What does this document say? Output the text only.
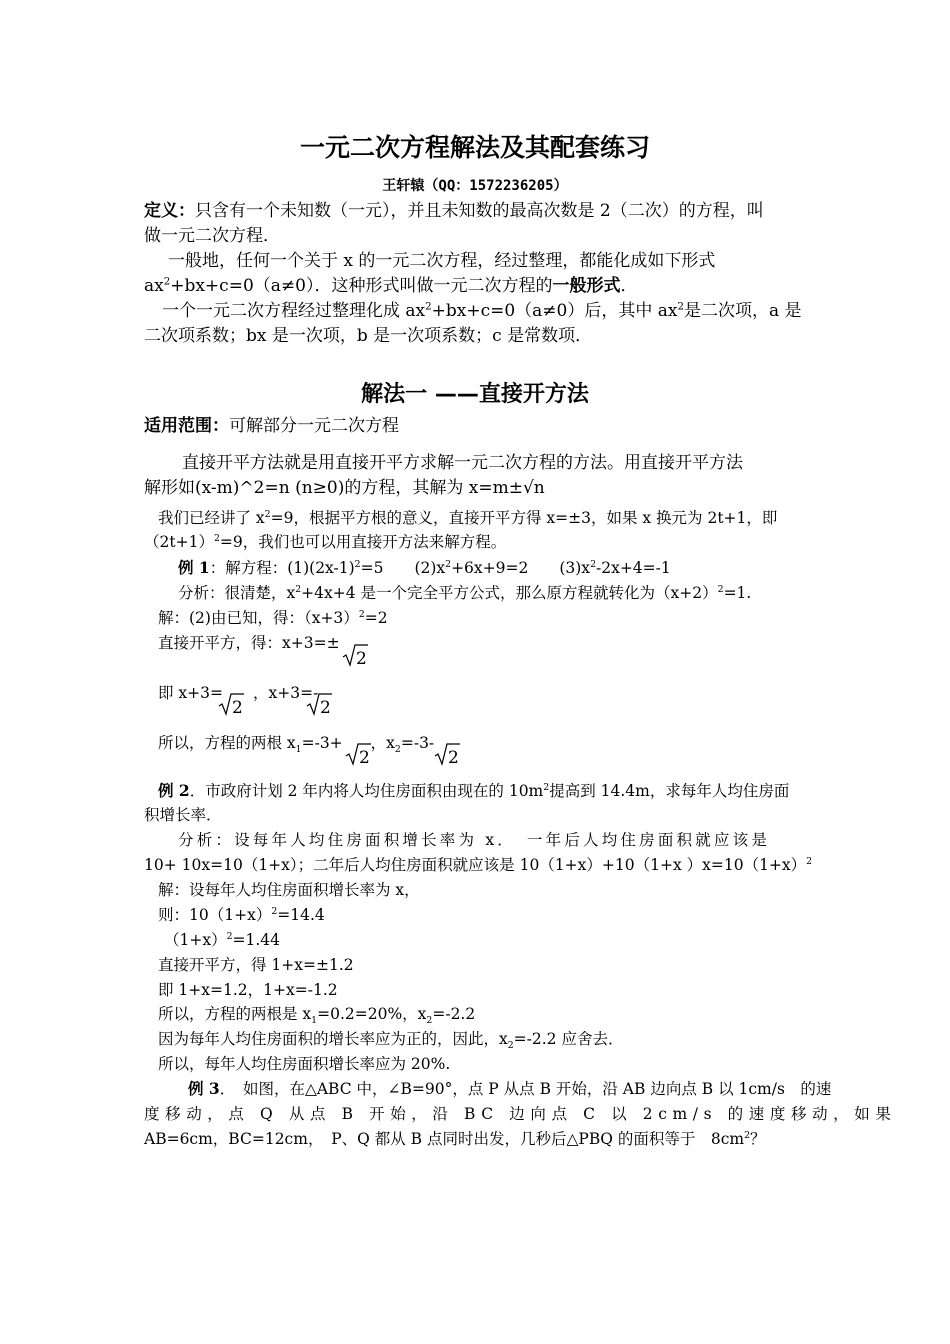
一元二次方程解法及其配套练习
王轩辕（QQ：1572236205）
定义：只含有一个未知数（一元），并且未知数的最高次数是 2（二次）的方程，叫
做一元二次方程．
一般地，任何一个关于 x 的一元二次方程，经过整理，都能化成如下形式
$ax^2+bx+c=0(a\ne 0)$．这种形式叫做一元二次方程的一般形式．
一个一元二次方程经过整理化成 $ax^2+bx+c=0(a\ne 0)$后，其中 $ax^2$是二次项，a 是
二次项系数；bx 是一次项，b 是一次项系数；c 是常数项．
解法一 ——直接开方法
适用范围：可解部分一元二次方程
直接开平方法就是用直接开平方求解一元二次方程的方法。用直接开平方法
解形如(x-m)^2=n (n≥0)的方程，其解为 x=m±√n
我们已经讲了 $x^2=9$，根据平方根的意义，直接开平方得 x=±3，如果 x 换元为 2t+1，即
$(2t+1)^2=9$，我们也可以用直接开方法来解方程。
例 1：解方程：$(1)(2x-1)^2=5$　　$(2)x^2+6x+9=2$　　$(3)x^2-2x+4=-1$
分析：很清楚，$x^2+4x+4$ 是一个完全平方公式，那么原方程就转化为$(x+2)^2=1$.
解：(2)由已知，得：$(x+3)^2=2$
直接开平方，得：x+3=±
2
即 x+3= ，x+3=-
2	2
所以，方程的两根 $x_1=-3+$ ，$x_2=-3-$
2	2
例 2．市政府计划 2 年内将人均住房面积由现在的 $10m^2$提高到 14.4m，求每年人均住房面
积增长率．
分析：设每年人均住房面积增长率为 x．　一年后人均住房面积就应该是
10+ 10x=10（1+x）；二年后人均住房面积就应该是 10（1+x）+10（1+x ）$x=10(1+x)^2$
解：设每年人均住房面积增长率为 x，
则：$10(1+x)^2=14.4$
$(1+x)^2=1.44$
直接开平方，得 1+x=±1.2
即 1+x=1.2，1+x=-1.2
所以，方程的两根是 $x_1=0.2=20\%$，$x_2=-2.2$
因为每年人均住房面积的增长率应为正的，因此，$x_2=-2.2$ 应舍去．
所以，每年人均住房面积增长率应为 20%.
例 3．　如图，在△ABC 中，∠B=90°，点 P 从点 B 开始，沿 AB 边向点 B 以 1cm/s　的速
度移动，点 Q 从点 B 开始，沿 BC 边向点 C 以 2cm/s 的速度移动，如果
AB=6cm，BC=12cm，　P、Q 都从 B 点同时出发，几秒后△PBQ 的面积等于　$8cm^2$？
